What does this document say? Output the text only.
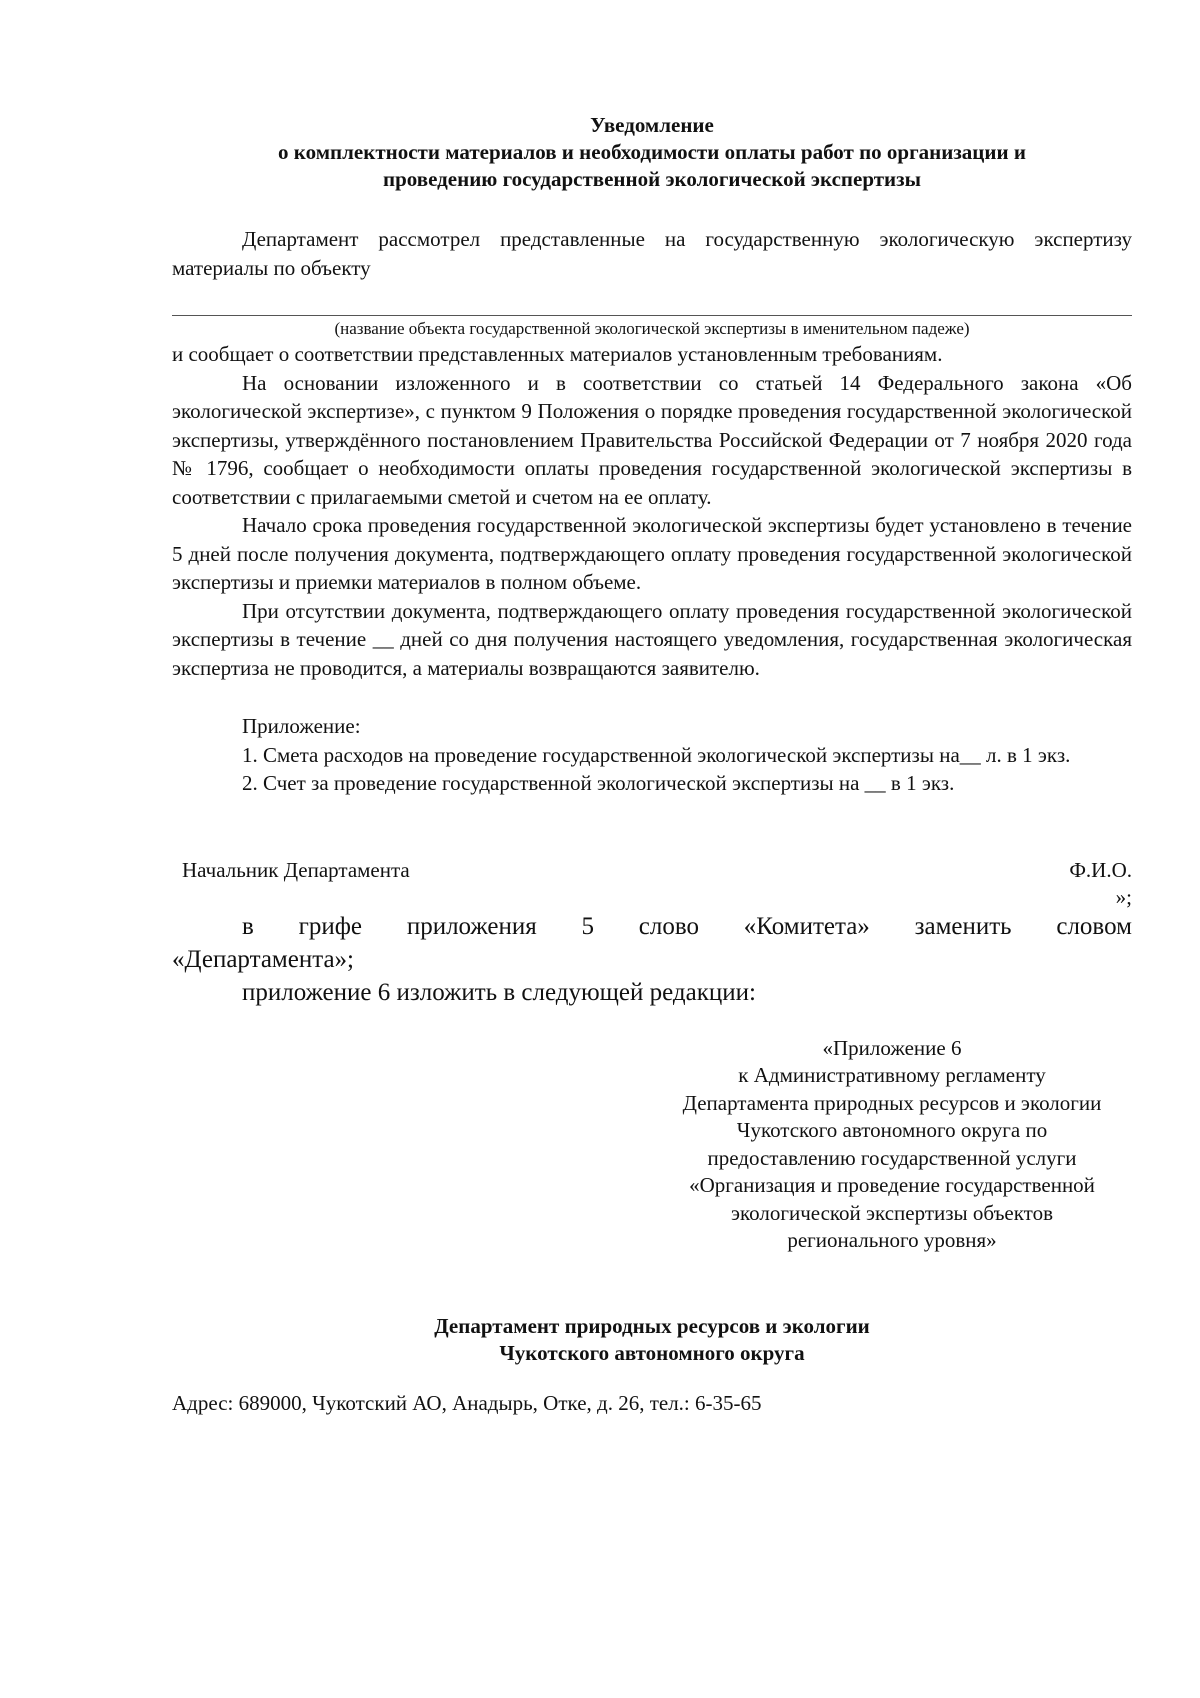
Уведомление
о комплектности материалов и необходимости оплаты работ по организации и
проведению государственной экологической экспертизы

Департамент рассмотрел представленные на государственную экологическую экспертизу материалы по объекту

(название объекта государственной экологической экспертизы в именительном падеже)

и сообщает о соответствии представленных материалов установленным требованиям.

На основании изложенного и в соответствии со статьей 14 Федерального закона «Об экологической экспертизе», с пунктом 9 Положения о порядке проведения государственной экологической экспертизы, утверждённого постановлением Правительства Российской Федерации от 7 ноября 2020 года № 1796, сообщает о необходимости оплаты проведения государственной экологической экспертизы в соответствии с прилагаемыми сметой и счетом на ее оплату.

Начало срока проведения государственной экологической экспертизы будет установлено в течение 5 дней после получения документа, подтверждающего оплату проведения государственной экологической экспертизы и приемки материалов в полном объеме.

При отсутствии документа, подтверждающего оплату проведения государственной экологической экспертизы в течение __ дней со дня получения настоящего уведомления, государственная экологическая экспертиза не проводится, а материалы возвращаются заявителю.

Приложение:

1. Смета расходов на проведение государственной экологической экспертизы на__ л. в 1 экз.

2. Счет за проведение государственной экологической экспертизы на __ в 1 экз.

Начальник Департамента	Ф.И.О.

»;

в грифе приложения 5 слово «Комитета» заменить словом

«Департамента»;

приложение 6 изложить в следующей редакции:

«Приложение 6
к Административному регламенту
Департамента природных ресурсов и экологии
Чукотского автономного округа по
предоставлению государственной услуги
«Организация и проведение государственной
экологической экспертизы объектов
регионального уровня»
Департамент природных ресурсов и экологии
Чукотского автономного округа

Адрес: 689000, Чукотский АО, Анадырь, Отке, д. 26, тел.: 6-35-65
